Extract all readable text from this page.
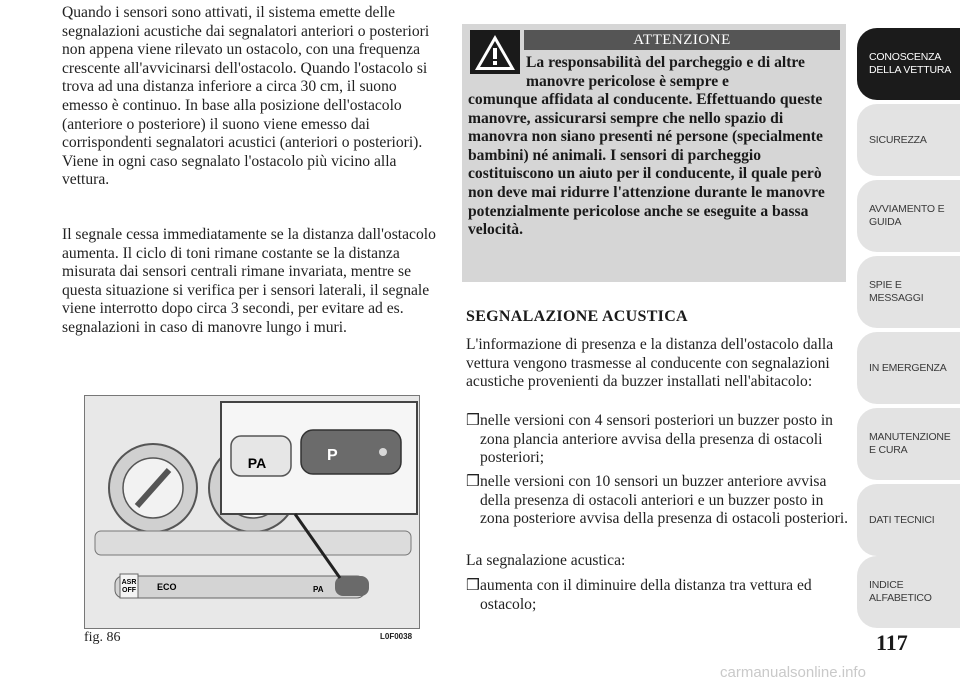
Quando i sensori sono attivati, il sistema emette delle segnalazioni acustiche dai segnalatori anteriori o posteriori non appena viene rilevato un ostacolo, con una frequenza crescente all'avvicinarsi dell'ostacolo. Quando l'ostacolo si trova ad una distanza inferiore a circa 30 cm, il suono emesso è continuo. In base alla posizione dell'ostacolo (anteriore o posteriore) il suono viene emesso dai corrispondenti segnalatori acustici (anteriori o posteriori). Viene in ogni caso segnalato l'ostacolo più vicino alla vettura.

Il segnale cessa immediatamente se la distanza dall'ostacolo aumenta. Il ciclo di toni rimane costante se la distanza misurata dai sensori centrali rimane invariata, mentre se questa situazione si verifica per i sensori laterali, il segnale viene interrotto dopo circa 3 secondi, per evitare ad es. segnalazioni in caso di manovre lungo i muri.

ASR
OFF ECO	PA
PA	P
fig. 86	L0F0038
ATTENZIONE

La responsabilità del parcheggio e di altre manovre pericolose è sempre e

comunque affidata al conducente. Effettuando queste manovre, assicurarsi sempre che nello spazio di manovra non siano presenti né persone (specialmente bambini) né animali. I sensori di parcheggio costituiscono un aiuto per il conducente, il quale però non deve mai ridurre l'attenzione durante le manovre potenzialmente pericolose anche se eseguite a bassa velocità.

SEGNALAZIONE ACUSTICA

L'informazione di presenza e la distanza dell'ostacolo dalla vettura vengono trasmesse al conducente con segnalazioni acustiche provenienti da buzzer installati nell'abitacolo:

❒nelle versioni con 4 sensori posteriori un buzzer posto in zona plancia anteriore avvisa della presenza di ostacoli posteriori;

❒nelle versioni con 10 sensori un buzzer anteriore avvisa della presenza di ostacoli anteriori e un buzzer posto in zona posteriore avvisa della presenza di ostacoli posteriori.

La segnalazione acustica:

❒aumenta con il diminuire della distanza tra vettura ed ostacolo;

CONOSCENZA DELLA VETTURA
SICUREZZA
AVVIAMENTO E GUIDA
SPIE E MESSAGGI
IN EMERGENZA
MANUTENZIONE E CURA
DATI TECNICI
INDICE ALFABETICO
117
carmanualsonline.info
